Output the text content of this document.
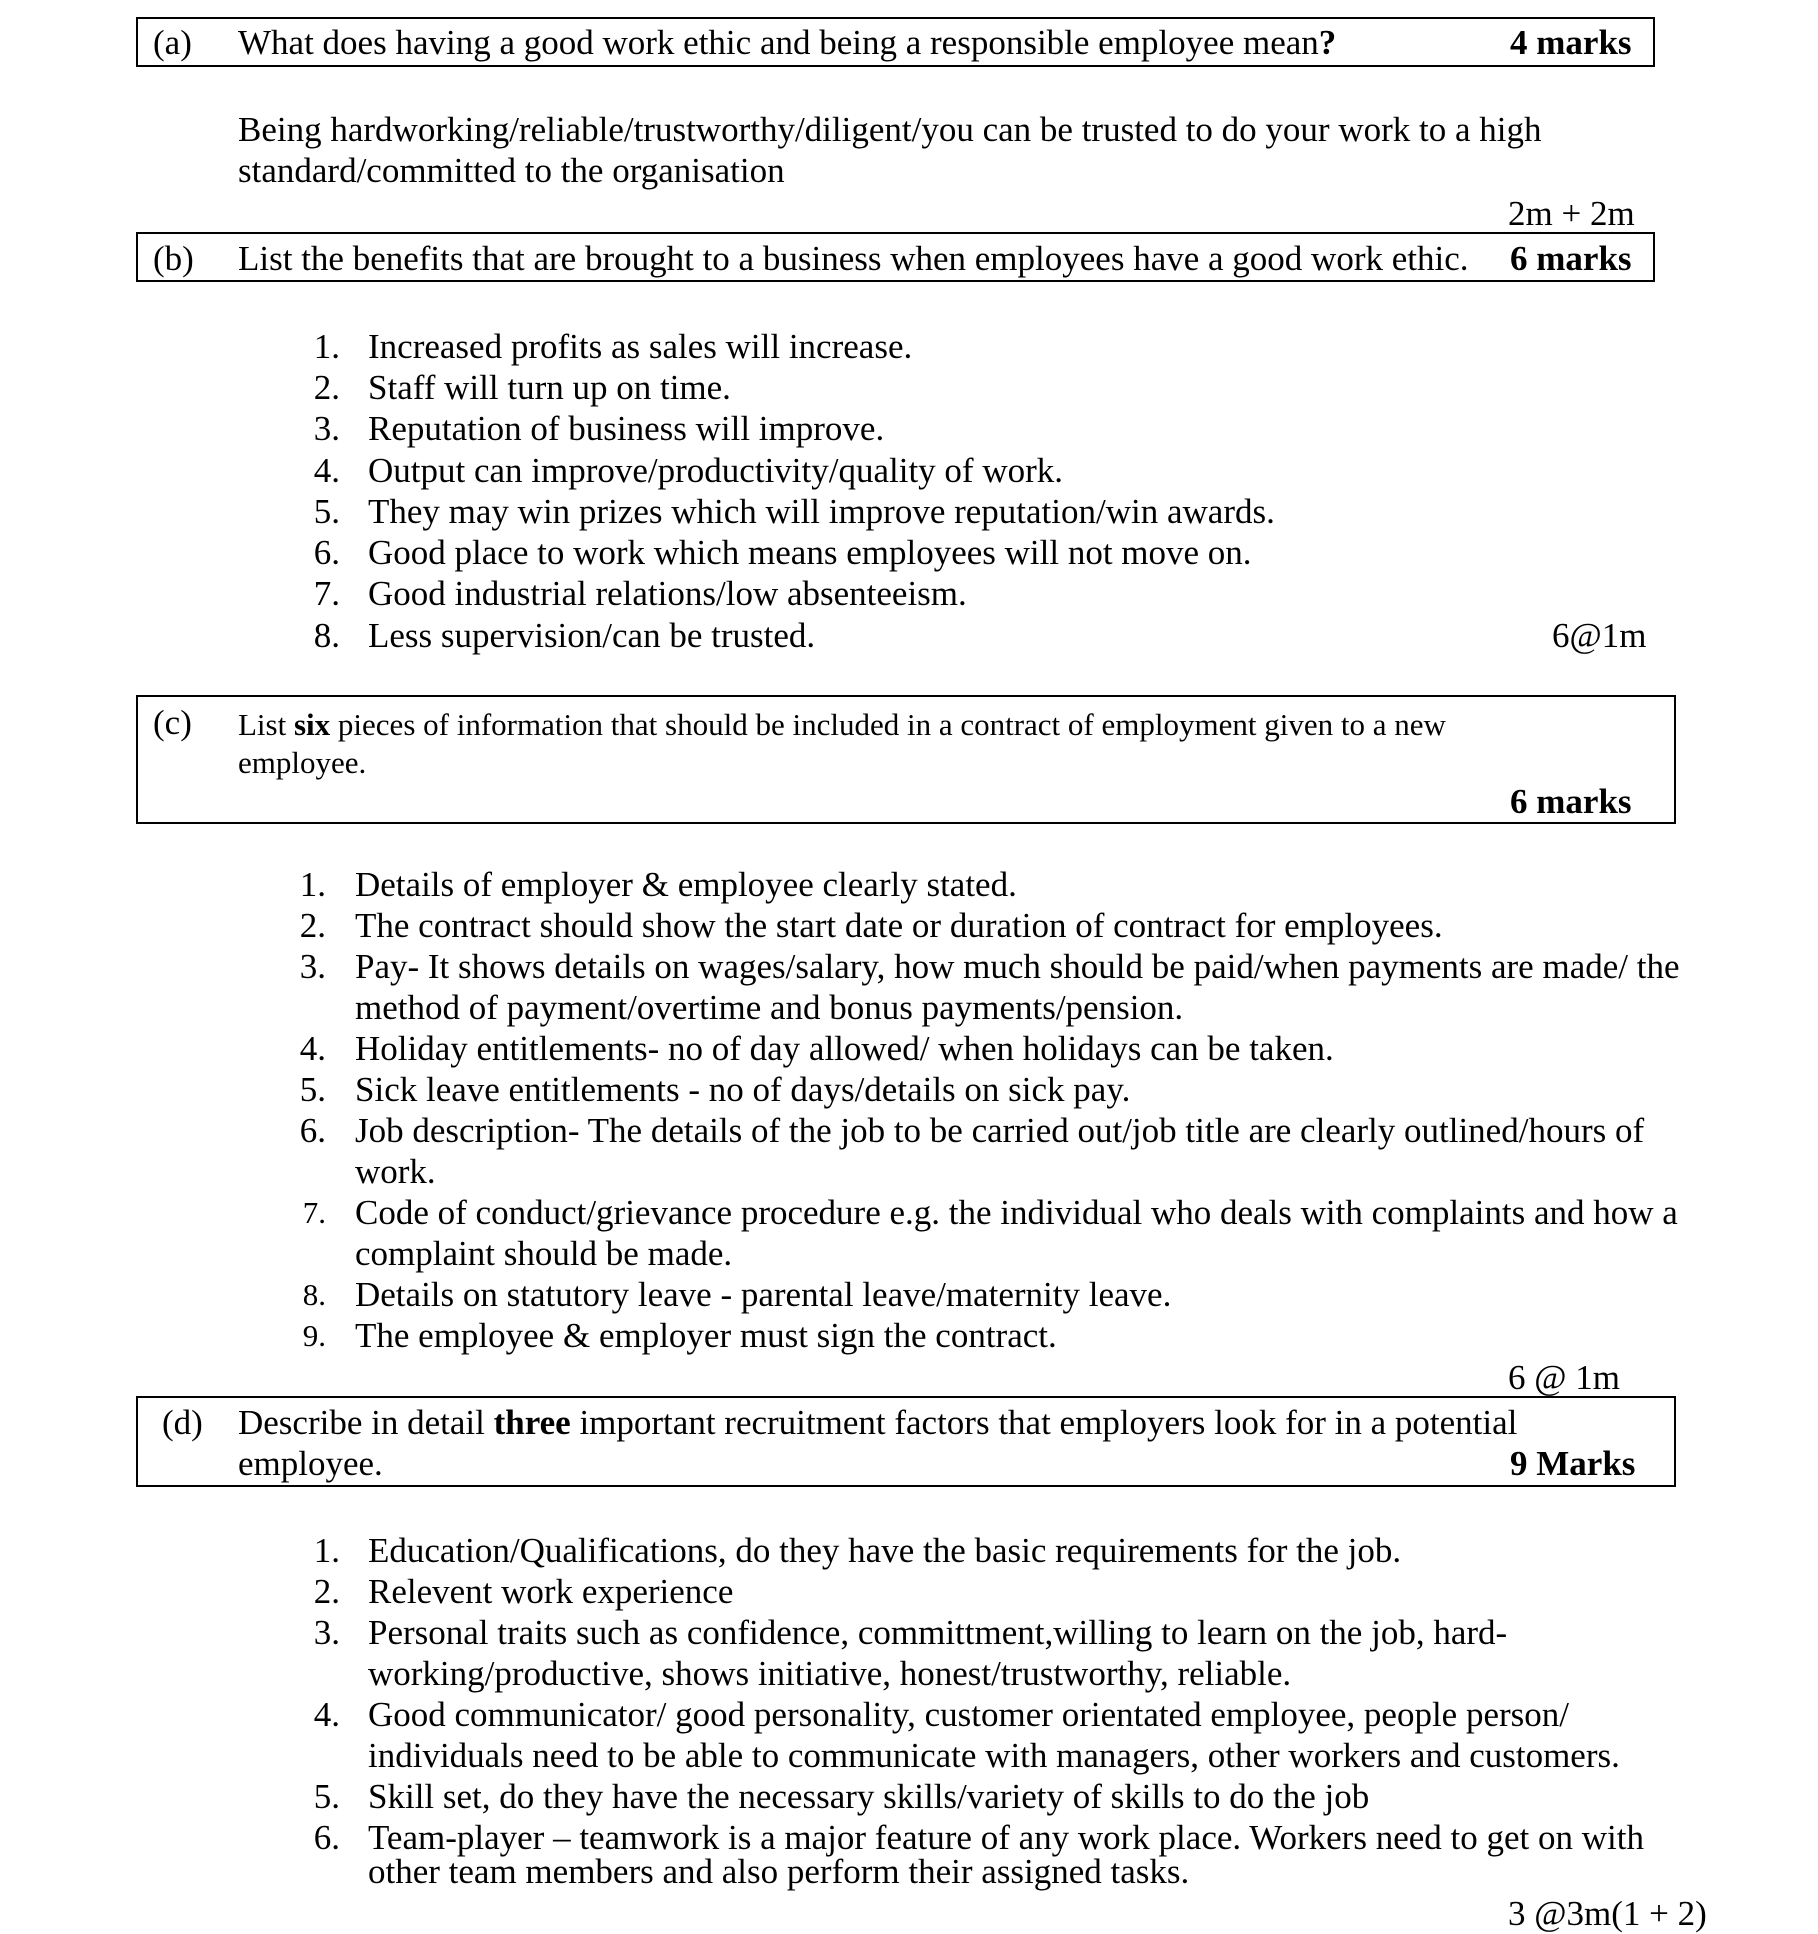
(a) What does having a good work ethic and being a responsible employee mean?	4 marks
Being hardworking/reliable/trustworthy/diligent/you can be trusted to do your work to a high
standard/committed to the organisation
2m + 2m
(b) List the benefits that are brought to a business when employees have a good work ethic. 6 marks
1. Increased profits as sales will increase.
2. Staff will turn up on time.
3. Reputation of business will improve.
4. Output can improve/productivity/quality of work.
5. They may win prizes which will improve reputation/win awards.
6. Good place to work which means employees will not move on.
7. Good industrial relations/low absenteeism.
8. Less supervision/can be trusted.	6@1m
(c) List six pieces of information that should be included in a contract of employment given to a new
employee.
6 marks
1. Details of employer & employee clearly stated.
2. The contract should show the start date or duration of contract for employees.
3. Pay- It shows details on wages/salary, how much should be paid/when payments are made/ the
method of payment/overtime and bonus payments/pension.
4. Holiday entitlements- no of day allowed/ when holidays can be taken.
5. Sick leave entitlements - no of days/details on sick pay.
6. Job description- The details of the job to be carried out/job title are clearly outlined/hours of
work.
7. Code of conduct/grievance procedure e.g. the individual who deals with complaints and how a
complaint should be made.
8. Details on statutory leave - parental leave/maternity leave.
9. The employee & employer must sign the contract.
6 @ 1m
(d) Describe in detail three important recruitment factors that employers look for in a potential
employee.	9 Marks
1. Education/Qualifications, do they have the basic requirements for the job.
2. Relevent work experience
3. Personal traits such as confidence, committment,willing to learn on the job, hard-
working/productive, shows initiative, honest/trustworthy, reliable.
4. Good communicator/ good personality, customer orientated employee, people person/
individuals need to be able to communicate with managers, other workers and customers.
5. Skill set, do they have the necessary skills/variety of skills to do the job
6. Team-player – teamwork is a major feature of any work place. Workers need to get on with
other team members and also perform their assigned tasks.
3 @3m(1 + 2)
